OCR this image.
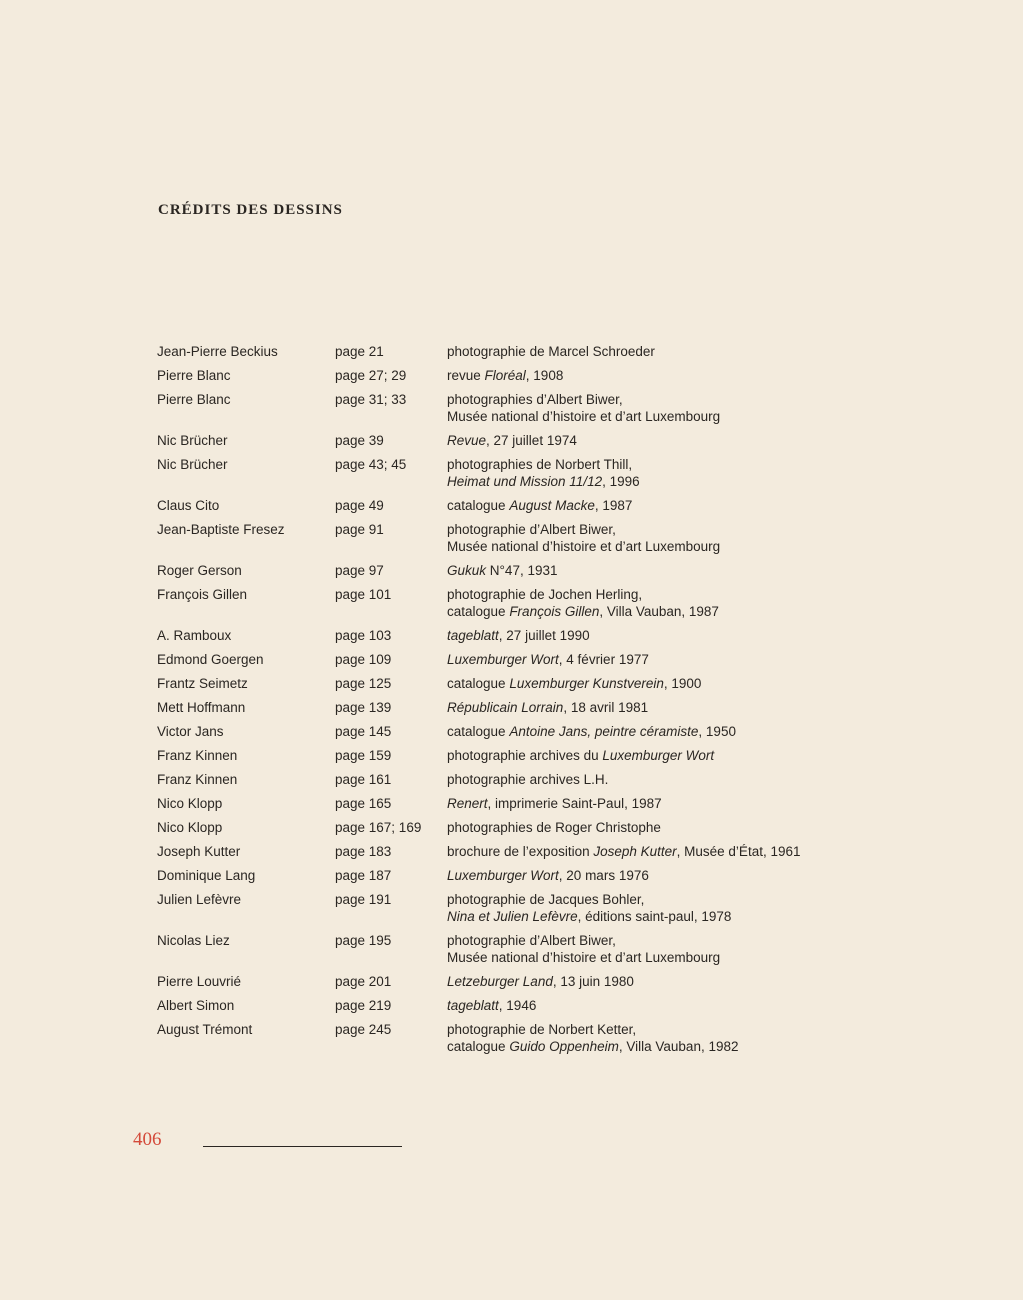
CRÉDITS DES DESSINS
Jean-Pierre Beckius	page 21	photographie de Marcel Schroeder
Pierre Blanc	page 27; 29	revue Floréal, 1908
Pierre Blanc	page 31; 33	photographies d’Albert Biwer,
Musée national d’histoire et d’art Luxembourg
Nic Brücher	page 39	Revue, 27 juillet 1974
Nic Brücher	page 43; 45	photographies de Norbert Thill,
Heimat und Mission 11/12, 1996
Claus Cito	page 49	catalogue August Macke, 1987
Jean-Baptiste Fresez	page 91	photographie d’Albert Biwer,
Musée national d’histoire et d’art Luxembourg
Roger Gerson	page 97	Gukuk N°47, 1931
François Gillen	page 101	photographie de Jochen Herling,
catalogue François Gillen, Villa Vauban, 1987
A. Ramboux	page 103	tageblatt, 27 juillet 1990
Edmond Goergen	page 109	Luxemburger Wort, 4 février 1977
Frantz Seimetz	page 125	catalogue Luxemburger Kunstverein, 1900
Mett Hoffmann	page 139	Républicain Lorrain, 18 avril 1981
Victor Jans	page 145	catalogue Antoine Jans, peintre céramiste, 1950
Franz Kinnen	page 159	photographie archives du Luxemburger Wort
Franz Kinnen	page 161	photographie archives L.H.
Nico Klopp	page 165	Renert, imprimerie Saint-Paul, 1987
Nico Klopp	page 167; 169	photographies de Roger Christophe
Joseph Kutter	page 183	brochure de l’exposition Joseph Kutter, Musée d’État, 1961
Dominique Lang	page 187	Luxemburger Wort, 20 mars 1976
Julien Lefèvre	page 191	photographie de Jacques Bohler,
Nina et Julien Lefèvre, éditions saint-paul, 1978
Nicolas Liez	page 195	photographie d’Albert Biwer,
Musée national d’histoire et d’art Luxembourg
Pierre Louvrié	page 201	Letzeburger Land, 13 juin 1980
Albert Simon	page 219	tageblatt, 1946
August Trémont	page 245	photographie de Norbert Ketter,
catalogue Guido Oppenheim, Villa Vauban, 1982
406
